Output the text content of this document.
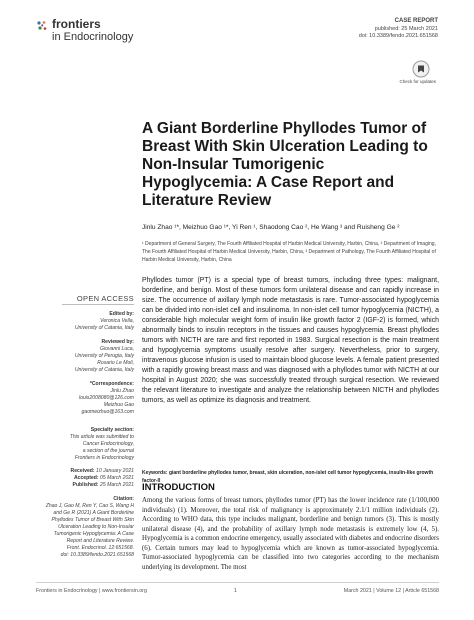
frontiers
in Endocrinology
CASE REPORT
published: 25 March 2021
doi: 10.3389/fendo.2021.651568
Check for updates
A Giant Borderline Phyllodes Tumor of Breast With Skin Ulceration Leading to Non-Insular Tumorigenic Hypoglycemia: A Case Report and Literature Review
Jinlu Zhao ¹*, Meizhuo Gao ¹*, Yi Ren ¹, Shaodong Cao ², He Wang ³ and Ruisheng Ge ²
¹ Department of General Surgery, The Fourth Affiliated Hospital of Harbin Medical University, Harbin, China, ² Department of Imaging, The Fourth Affiliated Hospital of Harbin Medical University, Harbin, China, ³ Department of Pathology, The Fourth Affiliated Hospital of Harbin Medical University, Harbin, China
Phyllodes tumor (PT) is a special type of breast tumors, including three types: malignant, borderline, and benign. Most of these tumors form unilateral disease and can rapidly increase in size. The occurrence of axillary lymph node metastasis is rare. Tumor-associated hypoglycemia can be divided into non-islet cell and insulinoma. In non-islet cell tumor hypoglycemia (NICTH), a considerable high molecular weight form of insulin like growth factor 2 (IGF-2) is formed, which abnormally binds to insulin receptors in the tissues and causes hypoglycemia. Breast phyllodes tumors with NICTH are rare and first reported in 1983. Surgical resection is the main treatment and hypoglycemia symptoms usually resolve after surgery. Nevertheless, prior to surgery, intravenous glucose infusion is used to maintain blood glucose levels. A female patient presented with a rapidly growing breast mass and was diagnosed with a phyllodes tumor with NICTH at our hospital in August 2020; she was successfully treated through surgical resection. We reviewed the relevant literature to investigate and analyze the relationship between NICTH and phyllodes tumors, as well as optimize its diagnosis and treatment.
Keywords: giant borderline phyllodes tumor, breast, skin ulceration, non-islet cell tumor hypoglycemia, insulin-like growth factor-II
INTRODUCTION
Among the various forms of breast tumors, phyllodes tumor (PT) has the lower incidence rate (1/100,000 individuals) (1). Moreover, the total risk of malignancy is approximately 2.1/1 million individuals (2). According to WHO data, this type includes malignant, borderline and benign tumors (3). This is mostly unilateral disease (4), and the probability of axillary lymph node metastasis is extremely low (4, 5). Hypoglycemia is a common endocrine emergency, usually associated with diabetes and endocrine disorders (6). Certain tumors may lead to hypoglycemia which are known as tumor-associated hypoglycemia. Tumor-associated hypoglycemia can be classified into two categories according to the mechanism underlying its development. The most
OPEN ACCESS
Edited by:
Veronica Vella,
University of Catania, Italy
Reviewed by:
Giovanni Luca,
University of Perugia, Italy
Rosario Le Moli,
University of Catania, Italy
*Correspondence:
Jinlu Zhao
louis2008080@126.com
Meizhuo Gao
gaomeizhuo@163.com
Specialty section:
This article was submitted to
Cancer Endocrinology,
a section of the journal
Frontiers in Endocrinology
Received: 10 January 2021
Accepted: 05 March 2021
Published: 25 March 2021
Citation:
Zhao J, Gao M, Ren Y, Cao S, Wang H
and Ge R (2021) A Giant Borderline
Phyllodes Tumor of Breast With Skin
Ulceration Leading to Non-Insular
Tumorigenic Hypoglycemia: A Case
Report and Literature Review.
Front. Endocrinol. 12:651568.
doi: 10.3389/fendo.2021.651568
Frontiers in Endocrinology | www.frontiersin.org	1	March 2021 | Volume 12 | Article 651568
